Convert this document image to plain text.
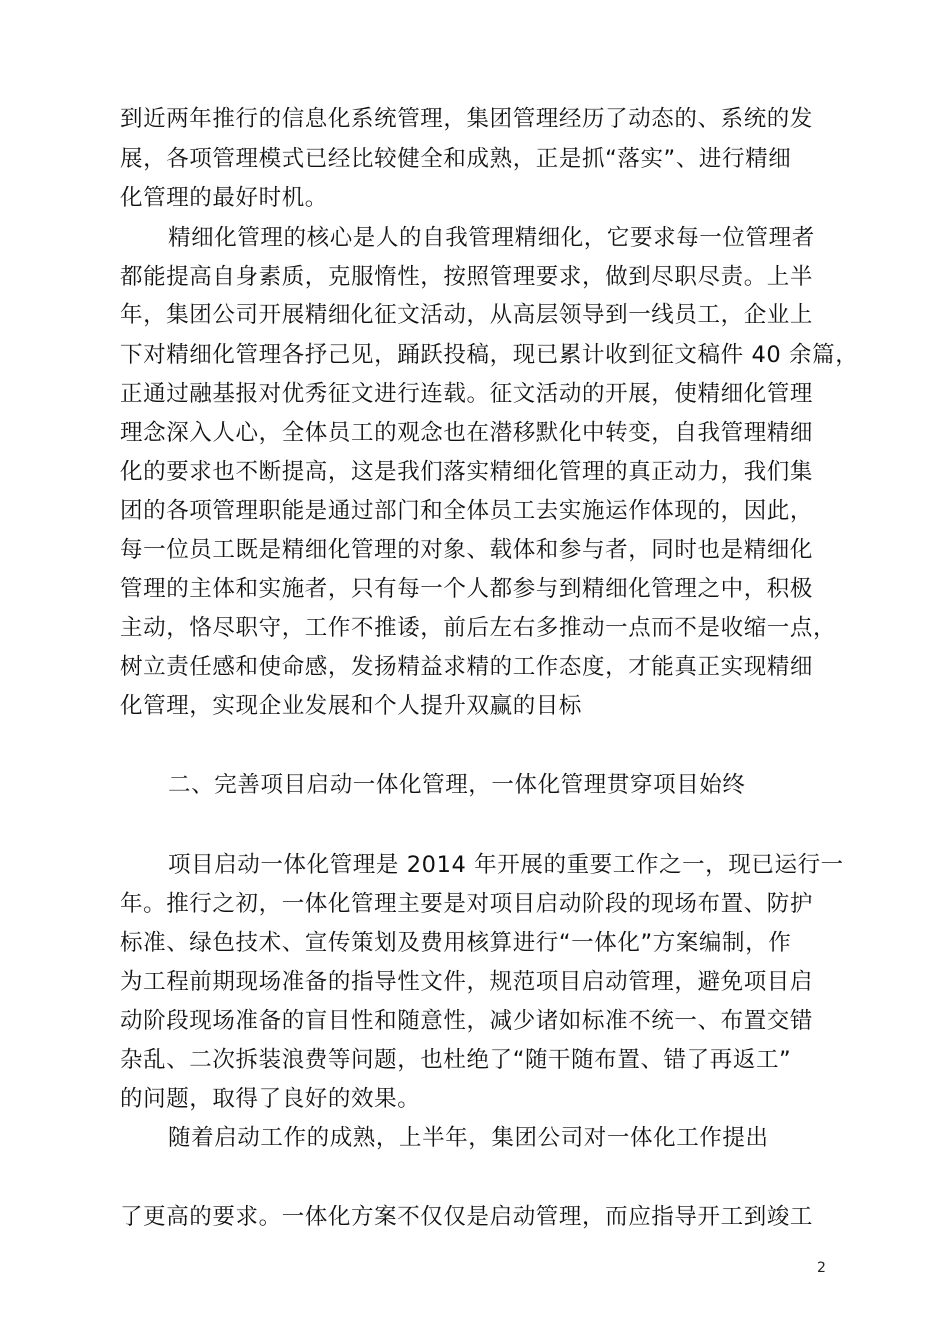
到近两年推行的信息化系统管理，集团管理经历了动态的、系统的发
展，各项管理模式已经比较健全和成熟，正是抓“落实”、进行精细
化管理的最好时机。
精细化管理的核心是人的自我管理精细化，它要求每一位管理者
都能提高自身素质，克服惰性，按照管理要求，做到尽职尽责。上半
年，集团公司开展精细化征文活动，从高层领导到一线员工，企业上
下对精细化管理各抒己见，踊跃投稿，现已累计收到征文稿件 40 余篇，
正通过融基报对优秀征文进行连载。征文活动的开展，使精细化管理
理念深入人心，全体员工的观念也在潜移默化中转变，自我管理精细
化的要求也不断提高，这是我们落实精细化管理的真正动力，我们集
团的各项管理职能是通过部门和全体员工去实施运作体现的，因此，
每一位员工既是精细化管理的对象、载体和参与者，同时也是精细化
管理的主体和实施者，只有每一个人都参与到精细化管理之中，积极
主动，恪尽职守，工作不推诿，前后左右多推动一点而不是收缩一点，
树立责任感和使命感，发扬精益求精的工作态度，才能真正实现精细
化管理，实现企业发展和个人提升双赢的目标
二、完善项目启动一体化管理，一体化管理贯穿项目始终
项目启动一体化管理是 2014 年开展的重要工作之一，现已运行一
年。推行之初，一体化管理主要是对项目启动阶段的现场布置、防护
标准、绿色技术、宣传策划及费用核算进行“一体化”方案编制，作
为工程前期现场准备的指导性文件，规范项目启动管理，避免项目启
动阶段现场准备的盲目性和随意性，减少诸如标准不统一、布置交错
杂乱、二次拆装浪费等问题，也杜绝了“随干随布置、错了再返工”
的问题，取得了良好的效果。
随着启动工作的成熟，上半年，集团公司对一体化工作提出
了更高的要求。一体化方案不仅仅是启动管理，而应指导开工到竣工
2
